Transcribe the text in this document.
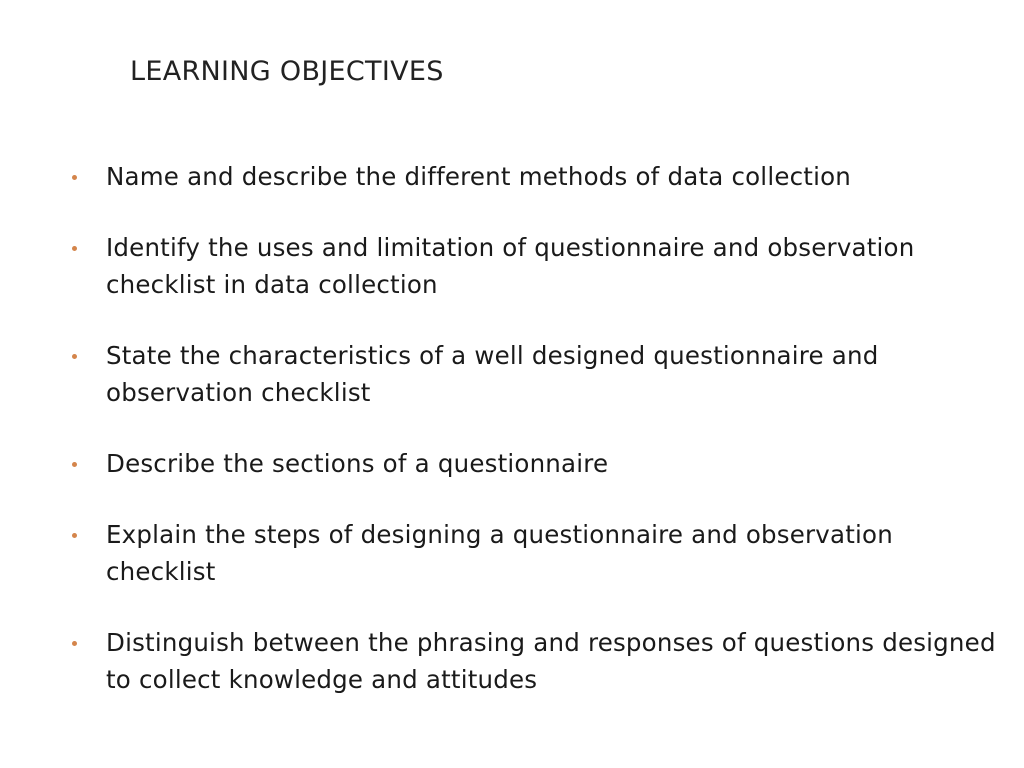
LEARNING OBJECTIVES
Name and describe the different methods of data collection
Identify the uses and limitation of questionnaire and observation checklist in data collection
State the characteristics of a well designed questionnaire and observation checklist
Describe the sections of a questionnaire
Explain the steps of designing a questionnaire and observation checklist
Distinguish between the phrasing and responses of questions designed to collect knowledge and attitudes
